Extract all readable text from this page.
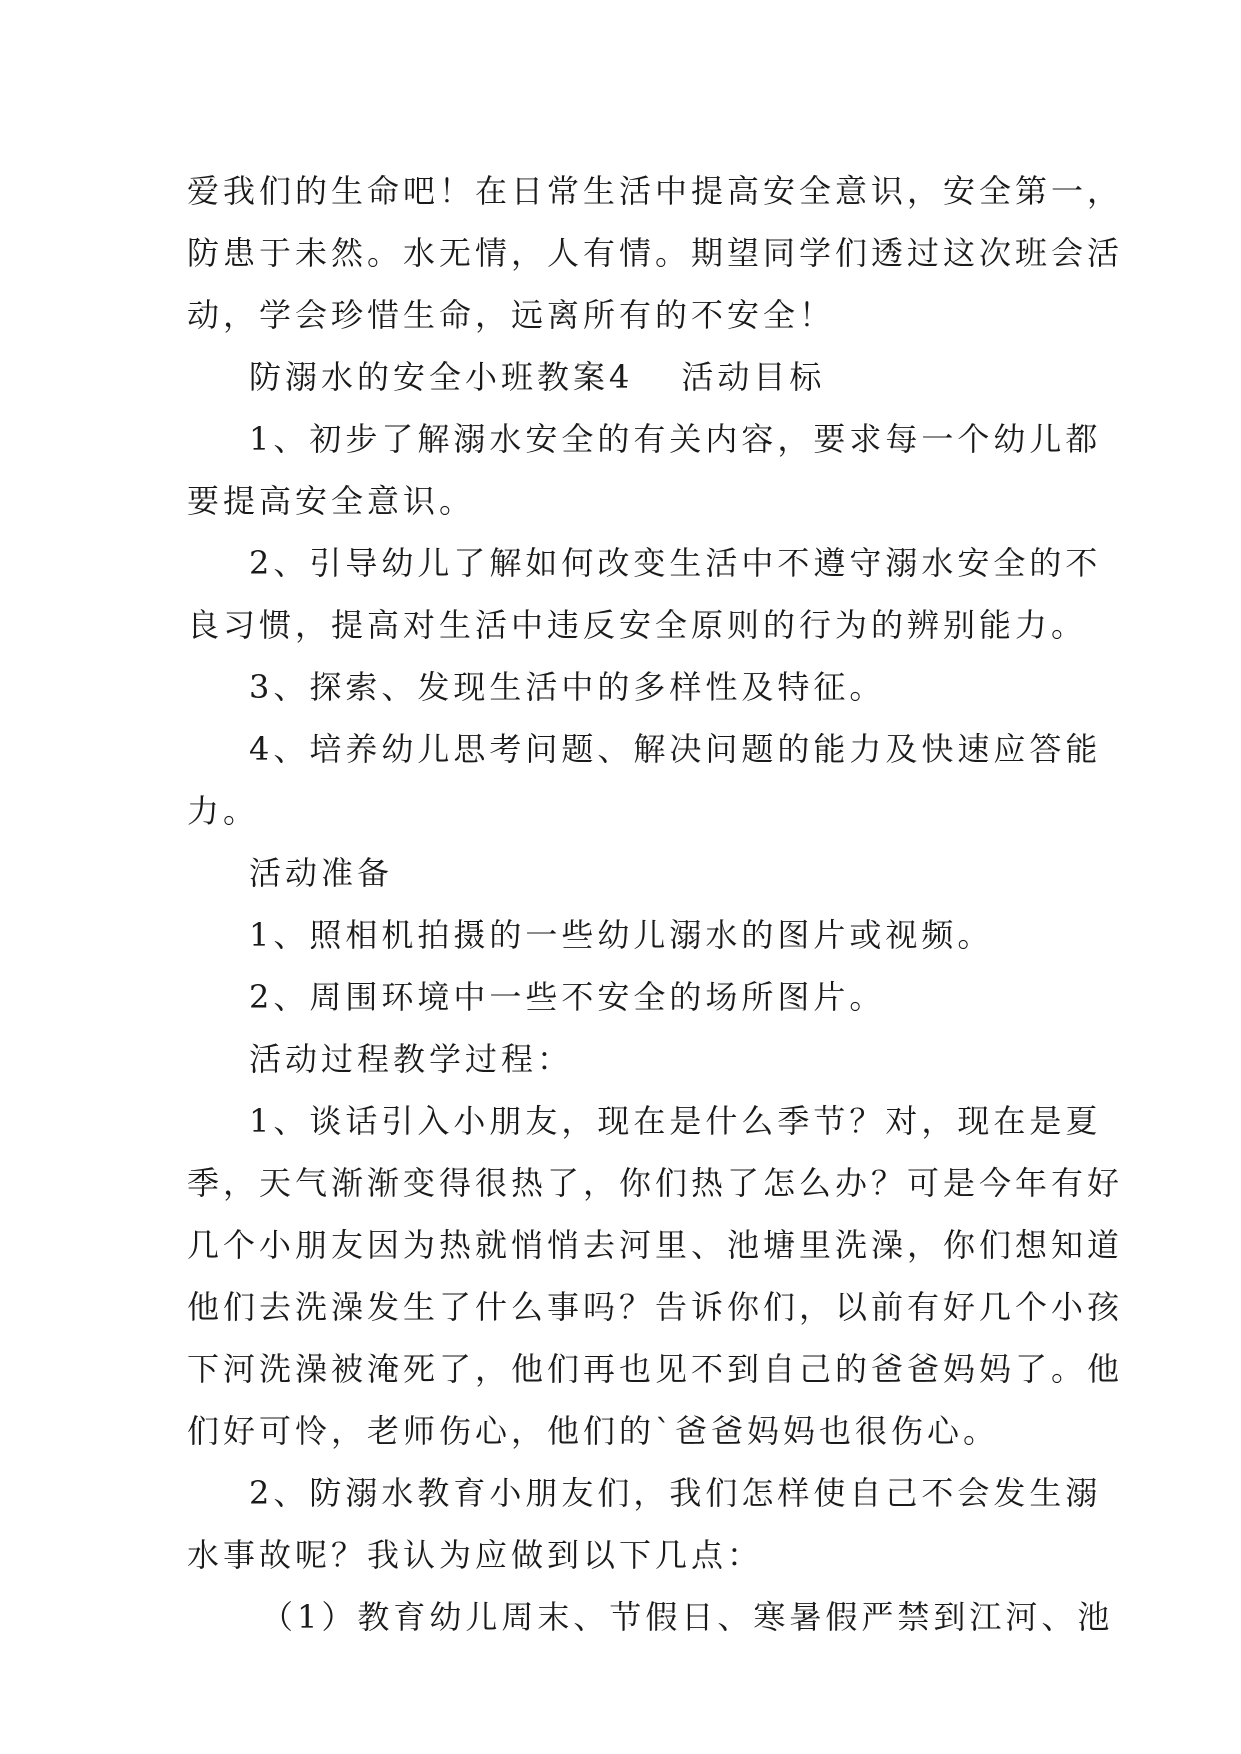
爱我们的生命吧！在日常生活中提高安全意识，安全第一，
防患于未然。水无情，人有情。期望同学们透过这次班会活
动，学会珍惜生命，远离所有的不安全！
防溺水的安全小班教案4 活动目标
1、初步了解溺水安全的有关内容，要求每一个幼儿都
要提高安全意识。
2、引导幼儿了解如何改变生活中不遵守溺水安全的不
良习惯，提高对生活中违反安全原则的行为的辨别能力。
3、探索、发现生活中的多样性及特征。
4、培养幼儿思考问题、解决问题的能力及快速应答能
力。
活动准备
1、照相机拍摄的一些幼儿溺水的图片或视频。
2、周围环境中一些不安全的场所图片。
活动过程教学过程：
1、谈话引入小朋友，现在是什么季节？对，现在是夏
季，天气渐渐变得很热了，你们热了怎么办？可是今年有好
几个小朋友因为热就悄悄去河里、池塘里洗澡，你们想知道
他们去洗澡发生了什么事吗？告诉你们，以前有好几个小孩
下河洗澡被淹死了，他们再也见不到自己的爸爸妈妈了。他
们好可怜，老师伤心，他们的`爸爸妈妈也很伤心。
2、防溺水教育小朋友们，我们怎样使自己不会发生溺
水事故呢？我认为应做到以下几点：
（1）教育幼儿周末、节假日、寒暑假严禁到江河、池
